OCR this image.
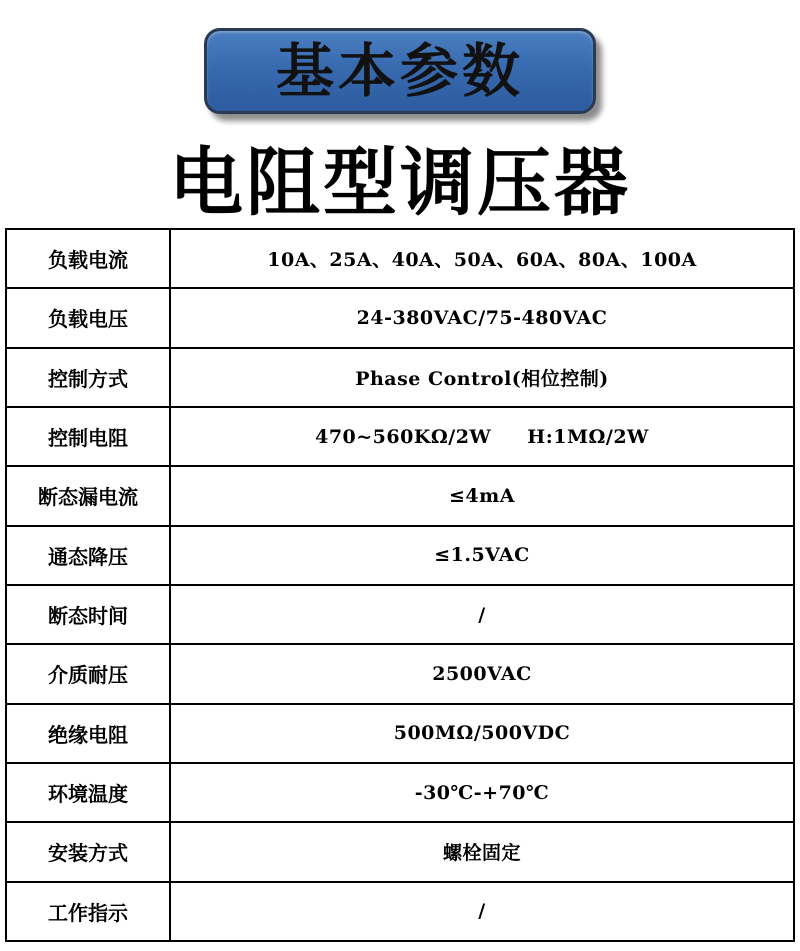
基本参数
电阻型调压器
负载电流	10A、25A、40A、50A、60A、80A、100A
负载电压	24-380VAC/75-480VAC
控制方式	Phase Control(相位控制)
控制电阻	470~560KΩ/2W H:1MΩ/2W
断态漏电流	≤4mA
通态降压	≤1.5VAC
断态时间	/
介质耐压	2500VAC
绝缘电阻	500MΩ/500VDC
环境温度	-30℃-+70℃
安装方式	螺栓固定
工作指示	/
